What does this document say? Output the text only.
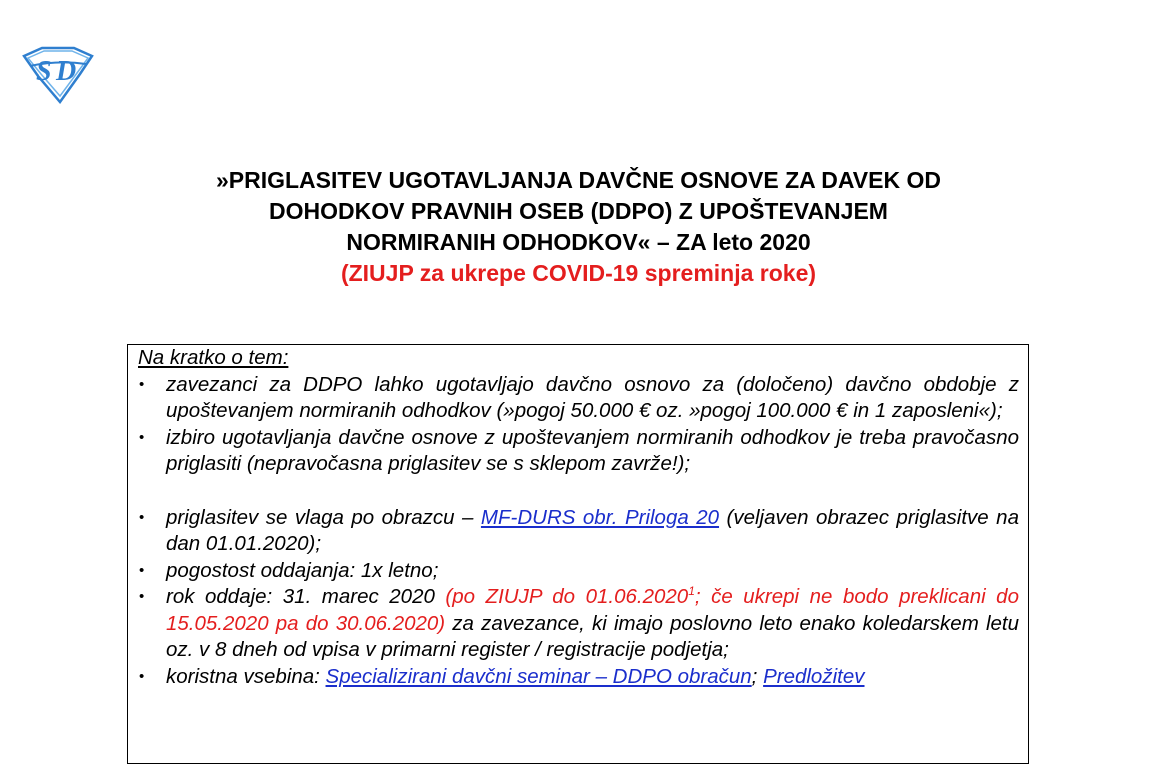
S D
»PRIGLASITEV UGOTAVLJANJA DAVČNE OSNOVE ZA DAVEK OD
DOHODKOV PRAVNIH OSEB (DDPO) Z UPOŠTEVANJEM
NORMIRANIH ODHODKOV« – ZA leto 2020
(ZIUJP za ukrepe COVID-19 spreminja roke)
Na kratko o tem:
• zavezanci za DDPO lahko ugotavljajo davčno osnovo za (določeno) davčno obdobje z upoštevanjem normiranih odhodkov (»pogoj 50.000 € oz. »pogoj 100.000 € in 1 zaposleni«);
• izbiro ugotavljanja davčne osnove z upoštevanjem normiranih odhodkov je treba pravočasno priglasiti (nepravočasna priglasitev se s sklepom zavrže!);
• priglasitev se vlaga po obrazcu – MF-DURS obr. Priloga 20 (veljaven obrazec priglasitve na dan 01.01.2020);
• pogostost oddajanja: 1x letno;
• rok oddaje: 31. marec 2020 (po ZIUJP do 01.06.2020$^1$; če ukrepi ne bodo preklicani do 15.05.2020 pa do 30.06.2020) za zavezance, ki imajo poslovno leto enako koledarskem letu oz. v 8 dneh od vpisa v primarni register / registracije podjetja;
• koristna vsebina: Specializirani davčni seminar – DDPO obračun; Predložitev
